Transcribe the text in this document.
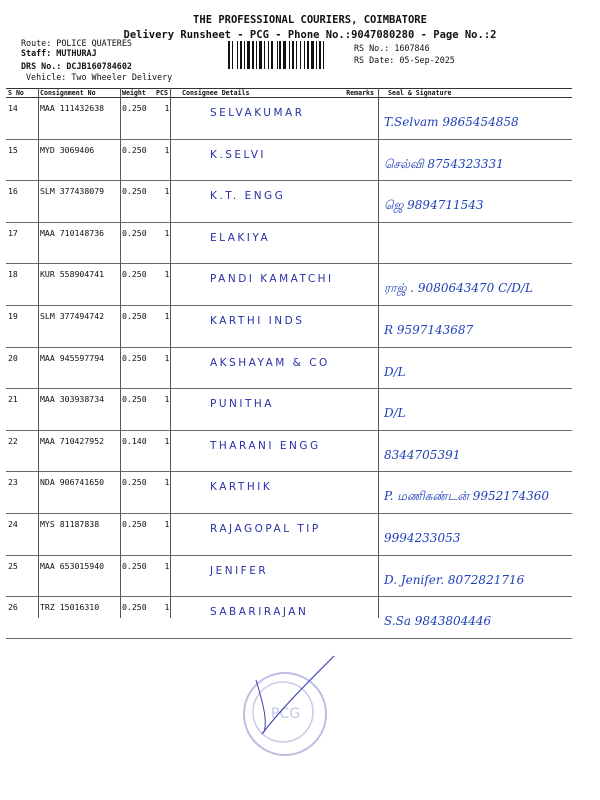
THE PROFESSIONAL COURIERS, COIMBATORE
Delivery Runsheet - PCG - Phone No.:9047080280 - Page No.:2
Route: POLICE QUATERES
Staff: MUTHURAJ
DRS No.: DCJB160784602
Vehicle: Two Wheeler Delivery
RS No.: 1607846
RS Date: 05-Sep-2025
S No	Consignment No	Weight	PCS	Consignee Details	Remarks	Seal & Signature
14	MAA 111432638	0.250	1	SELVAKUMAR		T.Selvam 9865454858
15	MYD 3069406	0.250	1	K.SELVI		செல்வி 8754323331
16	SLM 377438079	0.250	1	K.T. ENGG		ஜெ 9894711543
17	MAA 710148736	0.250	1	ELAKIYA		
18	KUR 558904741	0.250	1	PANDI KAMATCHI		ராஜ் . 9080643470 C/D/L
19	SLM 377494742	0.250	1	KARTHI INDS		R 9597143687
20	MAA 945597794	0.250	1	AKSHAYAM & CO		D/L
21	MAA 303938734	0.250	1	PUNITHA		D/L
22	MAA 710427952	0.140	1	THARANI ENGG		8344705391
23	NDA 906741650	0.250	1	KARTHIK		P. மணிகண்டன் 9952174360
24	MYS 81187838	0.250	1	RAJAGOPAL TIP		9994233053
25	MAA 653015940	0.250	1	JENIFER		D. Jenifer. 8072821716
26	TRZ 15016310	0.250	1	SABARIRAJAN		S.Sa 9843804446
PCG
